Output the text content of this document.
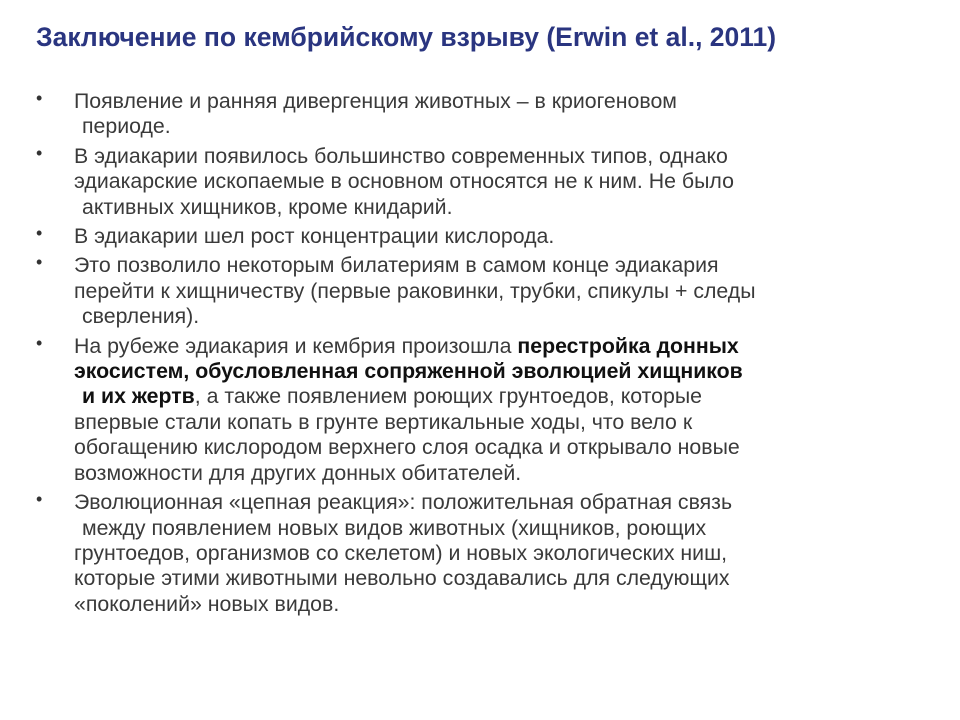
Заключение по кембрийскому взрыву (Erwin et al., 2011)
• Появление и ранняя дивергенция животных – в криогеновом
периоде.
• В эдиакарии появилось большинство современных типов, однако
эдиакарские ископаемые в основном относятся не к ним. Не было
активных хищников, кроме книдарий.
• В эдиакарии шел рост концентрации кислорода.
• Это позволило некоторым билатериям в самом конце эдиакария
перейти к хищничеству (первые раковинки, трубки, спикулы + следы
сверления).
• На рубеже эдиакария и кембрия произошла перестройка донных
экосистем, обусловленная сопряженной эволюцией хищников
и их жертв, а также появлением роющих грунтоедов, которые
впервые стали копать в грунте вертикальные ходы, что вело к
обогащению кислородом верхнего слоя осадка и открывало новые
возможности для других донных обитателей.
• Эволюционная «цепная реакция»: положительная обратная связь
между появлением новых видов животных (хищников, роющих
грунтоедов, организмов со скелетом) и новых экологических ниш,
которые этими животными невольно создавались для следующих
«поколений» новых видов.
